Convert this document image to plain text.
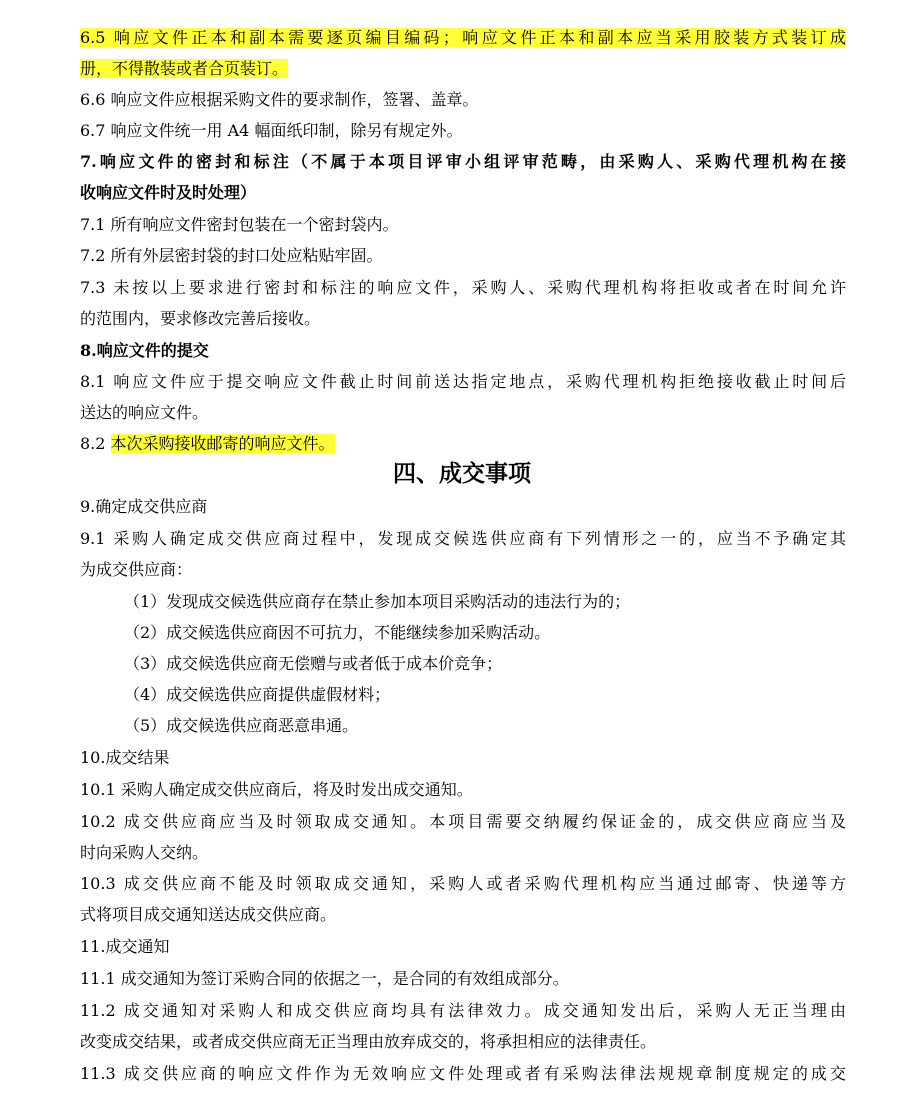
6.5 响应文件正本和副本需要逐页编目编码；响应文件正本和副本应当采用胶装方式装订成
册，不得散装或者合页装订。
6.6 响应文件应根据采购文件的要求制作，签署、盖章。
6.7 响应文件统一用 A4 幅面纸印制，除另有规定外。
7.响应文件的密封和标注（不属于本项目评审小组评审范畴，由采购人、采购代理机构在接
收响应文件时及时处理）
7.1 所有响应文件密封包装在一个密封袋内。
7.2 所有外层密封袋的封口处应粘贴牢固。
7.3 未按以上要求进行密封和标注的响应文件，采购人、采购代理机构将拒收或者在时间允许
的范围内，要求修改完善后接收。
8.响应文件的提交
8.1 响应文件应于提交响应文件截止时间前送达指定地点，采购代理机构拒绝接收截止时间后
送达的响应文件。
8.2 本次采购接收邮寄的响应文件。
四、成交事项
9.确定成交供应商
9.1 采购人确定成交供应商过程中，发现成交候选供应商有下列情形之一的，应当不予确定其
为成交供应商：
（1）发现成交候选供应商存在禁止参加本项目采购活动的违法行为的；
（2）成交候选供应商因不可抗力，不能继续参加采购活动。
（3）成交候选供应商无偿赠与或者低于成本价竞争；
（4）成交候选供应商提供虚假材料；
（5）成交候选供应商恶意串通。
10.成交结果
10.1 采购人确定成交供应商后，将及时发出成交通知。
10.2 成交供应商应当及时领取成交通知。本项目需要交纳履约保证金的，成交供应商应当及
时向采购人交纳。
10.3 成交供应商不能及时领取成交通知，采购人或者采购代理机构应当通过邮寄、快递等方
式将项目成交通知送达成交供应商。
11.成交通知
11.1 成交通知为签订采购合同的依据之一，是合同的有效组成部分。
11.2 成交通知对采购人和成交供应商均具有法律效力。成交通知发出后，采购人无正当理由
改变成交结果，或者成交供应商无正当理由放弃成交的，将承担相应的法律责任。
11.3 成交供应商的响应文件作为无效响应文件处理或者有采购法律法规规章制度规定的成交
